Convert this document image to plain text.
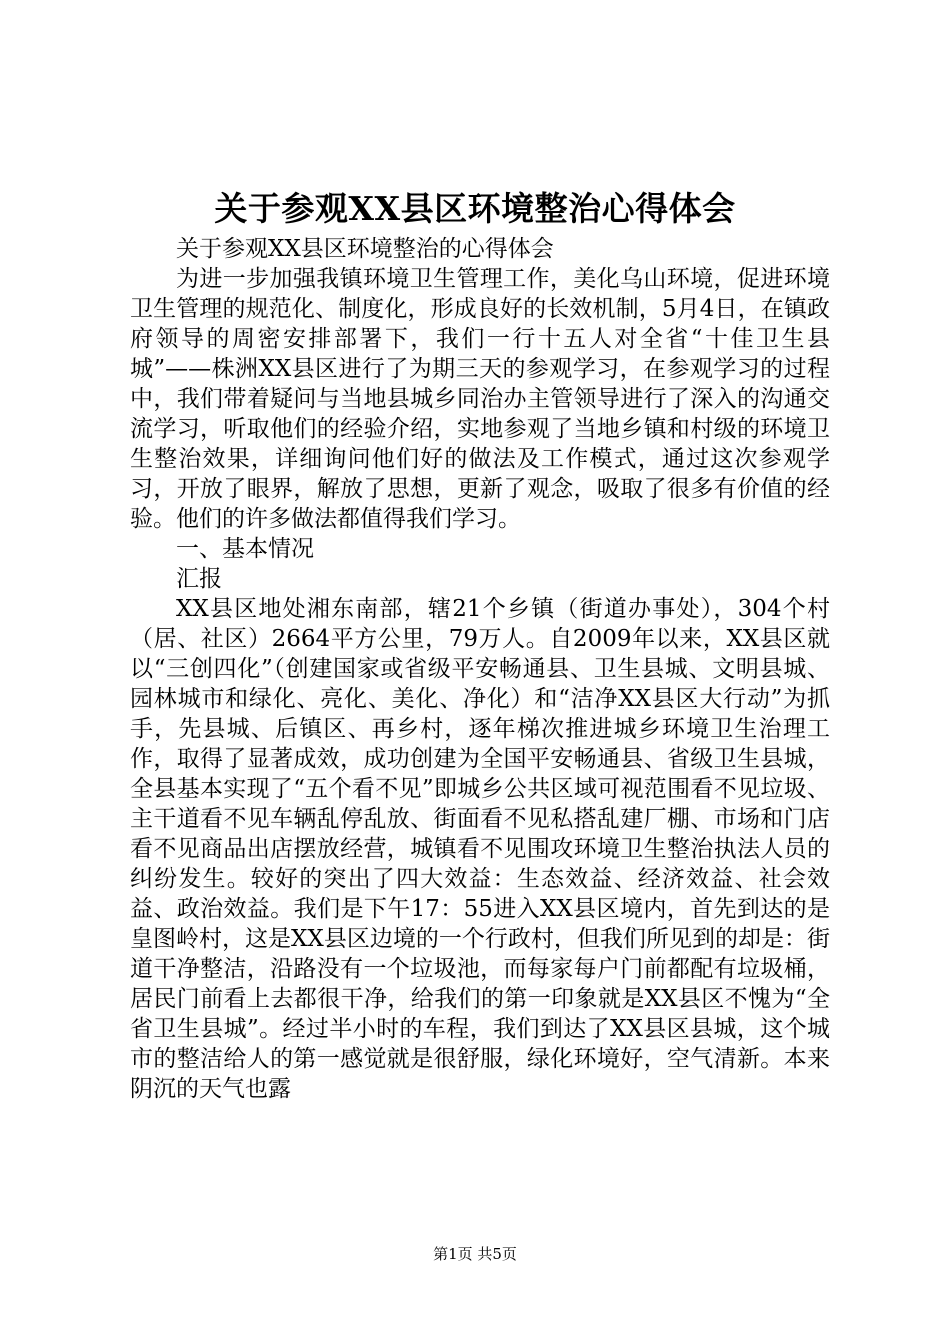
关于参观XX县区环境整治心得体会

关于参观XX县区环境整治的心得体会

为进一步加强我镇环境卫生管理工作，美化乌山环境，促进环境卫生管理的规范化、制度化，形成良好的长效机制，5月4日，在镇政府领导的周密安排部署下，我们一行十五人对全省“十佳卫生县城”——株洲XX县区进行了为期三天的参观学习，在参观学习的过程中，我们带着疑问与当地县城乡同治办主管领导进行了深入的沟通交流学习，听取他们的经验介绍，实地参观了当地乡镇和村级的环境卫生整治效果，详细询问他们好的做法及工作模式，通过这次参观学习，开放了眼界，解放了思想，更新了观念，吸取了很多有价值的经验。他们的许多做法都值得我们学习。

一、基本情况

汇报

XX县区地处湘东南部，辖21个乡镇（街道办事处），304个村（居、社区）2664平方公里，79万人。自2009年以来，XX县区就以“三创四化”（创建国家或省级平安畅通县、卫生县城、文明县城、园林城市和绿化、亮化、美化、净化）和“洁净XX县区大行动”为抓手，先县城、后镇区、再乡村，逐年梯次推进城乡环境卫生治理工作，取得了显著成效，成功创建为全国平安畅通县、省级卫生县城，全县基本实现了“五个看不见”即城乡公共区域可视范围看不见垃圾、主干道看不见车辆乱停乱放、街面看不见私搭乱建厂棚、市场和门店看不见商品出店摆放经营，城镇看不见围攻环境卫生整治执法人员的纠纷发生。较好的突出了四大效益：生态效益、经济效益、社会效益、政治效益。我们是下午17：55进入XX县区境内，首先到达的是皇图岭村，这是XX县区边境的一个行政村，但我们所见到的却是：街道干净整洁，沿路没有一个垃圾池，而每家每户门前都配有垃圾桶，居民门前看上去都很干净，给我们的第一印象就是XX县区不愧为“全省卫生县城”。经过半小时的车程，我们到达了XX县区县城，这个城市的整洁给人的第一感觉就是很舒服，绿化环境好，空气清新。本来阴沉的天气也露

第1页 共5页
